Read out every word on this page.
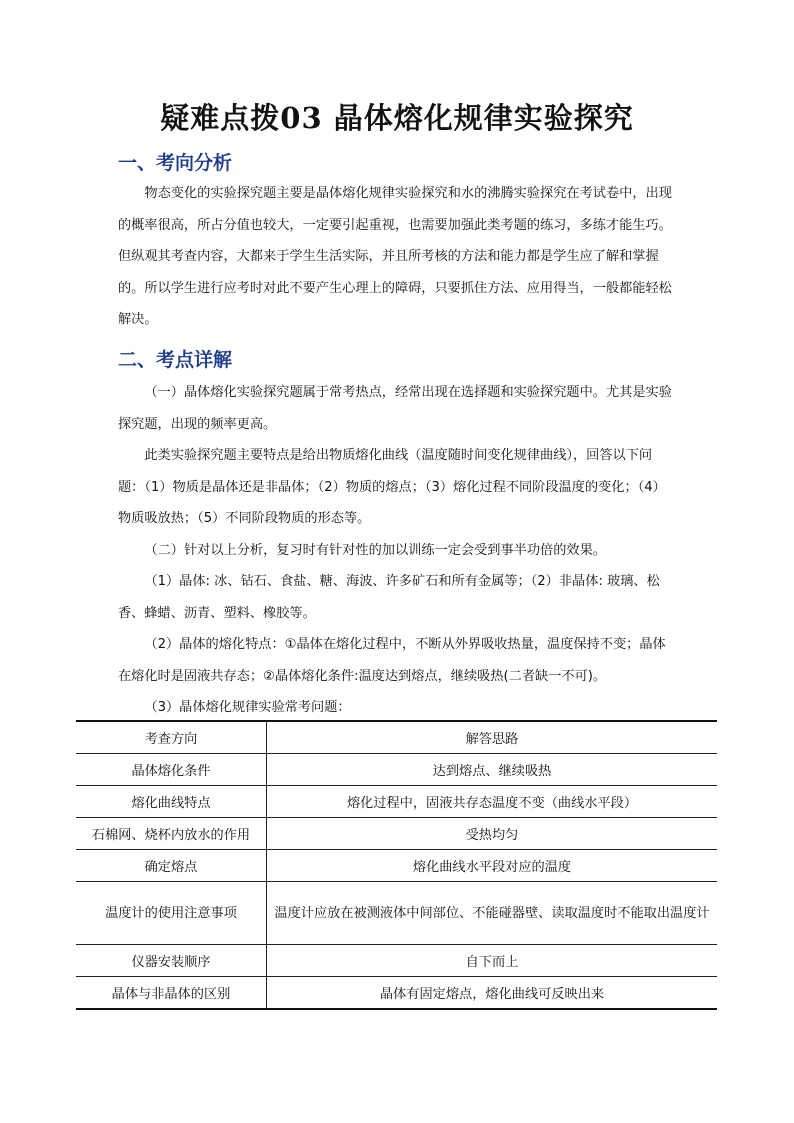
疑难点拨03 晶体熔化规律实验探究
一、考向分析

物态变化的实验探究题主要是晶体熔化规律实验探究和水的沸腾实验探究在考试卷中，出现的概率很高，所占分值也较大，一定要引起重视，也需要加强此类考题的练习，多练才能生巧。但纵观其考查内容，大都来于学生生活实际，并且所考核的方法和能力都是学生应了解和掌握的。所以学生进行应考时对此不要产生心理上的障碍，只要抓住方法、应用得当，一般都能轻松解决。

二、考点详解

（一）晶体熔化实验探究题属于常考热点，经常出现在选择题和实验探究题中。尤其是实验探究题，出现的频率更高。

此类实验探究题主要特点是给出物质熔化曲线（温度随时间变化规律曲线），回答以下问题：（1）物质是晶体还是非晶体；（2）物质的熔点；（3）熔化过程不同阶段温度的变化；（4）物质吸放热；（5）不同阶段物质的形态等。

（二）针对以上分析，复习时有针对性的加以训练一定会受到事半功倍的效果。

（1）晶体: 冰、钻石、食盐、糖、海波、许多矿石和所有金属等；（2）非晶体: 玻璃、松香、蜂蜡、沥青、塑料、橡胶等。

（2）晶体的熔化特点：①晶体在熔化过程中，不断从外界吸收热量，温度保持不变；晶体在熔化时是固液共存态；②晶体熔化条件:温度达到熔点，继续吸热(二者缺一不可)。

（3）晶体熔化规律实验常考问题：

考查方向	解答思路
晶体熔化条件	达到熔点、继续吸热
熔化曲线特点	熔化过程中，固液共存态温度不变（曲线水平段）
石棉网、烧杯内放水的作用	受热均匀
确定熔点	熔化曲线水平段对应的温度
温度计的使用注意事项	温度计应放在被测液体中间部位、不能碰器壁、读取温度时不能取出温度计
仪器安装顺序	自下而上
晶体与非晶体的区别	晶体有固定熔点，熔化曲线可反映出来
